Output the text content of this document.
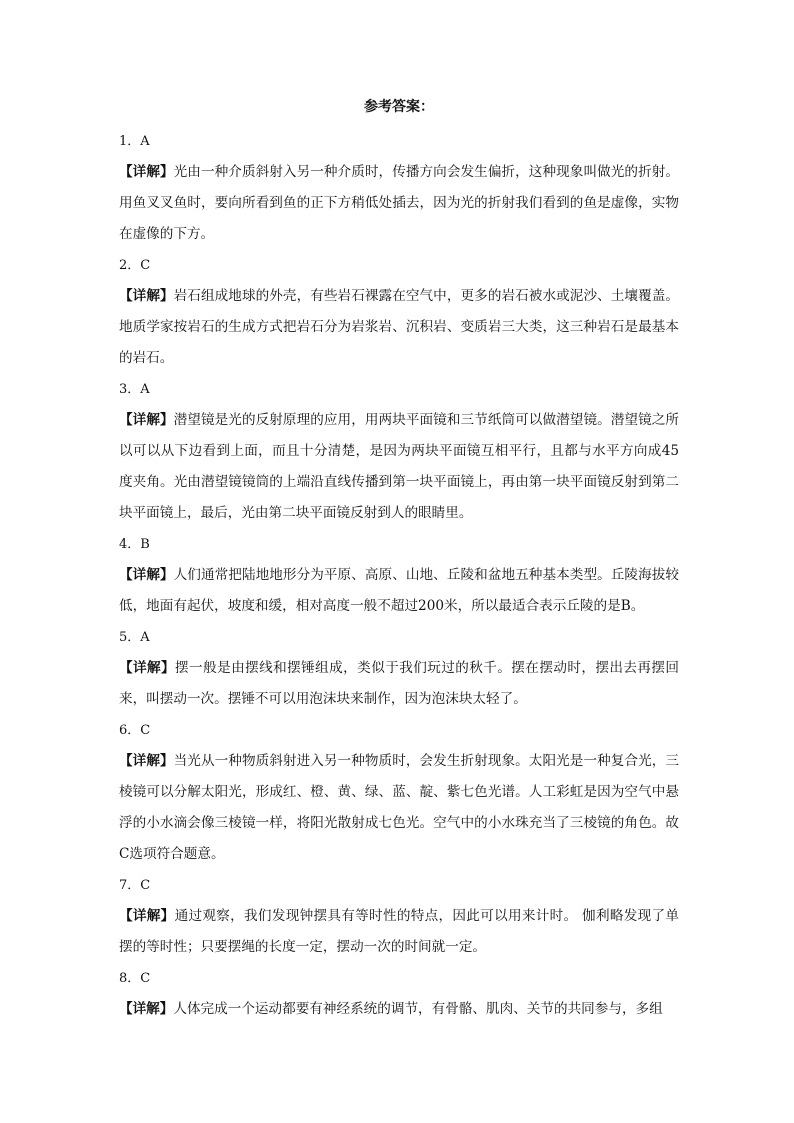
参考答案：
1．A
【详解】光由一种介质斜射入另一种介质时，传播方向会发生偏折，这种现象叫做光的折射。用鱼叉叉鱼时，要向所看到鱼的正下方稍低处插去，因为光的折射我们看到的鱼是虚像，实物在虚像的下方。
2．C
【详解】岩石组成地球的外壳，有些岩石裸露在空气中，更多的岩石被水或泥沙、土壤覆盖。地质学家按岩石的生成方式把岩石分为岩浆岩、沉积岩、变质岩三大类，这三种岩石是最基本的岩石。
3．A
【详解】潜望镜是光的反射原理的应用，用两块平面镜和三节纸筒可以做潜望镜。潜望镜之所以可以从下边看到上面，而且十分清楚，是因为两块平面镜互相平行，且都与水平方向成45度夹角。光由潜望镜镜筒的上端沿直线传播到第一块平面镜上，再由第一块平面镜反射到第二块平面镜上，最后，光由第二块平面镜反射到人的眼睛里。
4．B
【详解】人们通常把陆地地形分为平原、高原、山地、丘陵和盆地五种基本类型。丘陵海拔较低，地面有起伏，坡度和缓，相对高度一般不超过200米，所以最适合表示丘陵的是B。
5．A
【详解】摆一般是由摆线和摆锤组成，类似于我们玩过的秋千。摆在摆动时，摆出去再摆回来，叫摆动一次。摆锤不可以用泡沫块来制作，因为泡沫块太轻了。
6．C
【详解】当光从一种物质斜射进入另一种物质时，会发生折射现象。太阳光是一种复合光，三棱镜可以分解太阳光，形成红、橙、黄、绿、蓝、靛、紫七色光谱。人工彩虹是因为空气中悬浮的小水滴会像三棱镜一样，将阳光散射成七色光。空气中的小水珠充当了三棱镜的角色。故C选项符合题意。
7．C
【详解】通过观察，我们发现钟摆具有等时性的特点，因此可以用来计时。 伽利略发现了单摆的等时性；只要摆绳的长度一定，摆动一次的时间就一定。
8．C
【详解】人体完成一个运动都要有神经系统的调节，有骨骼、肌肉、关节的共同参与，多组
